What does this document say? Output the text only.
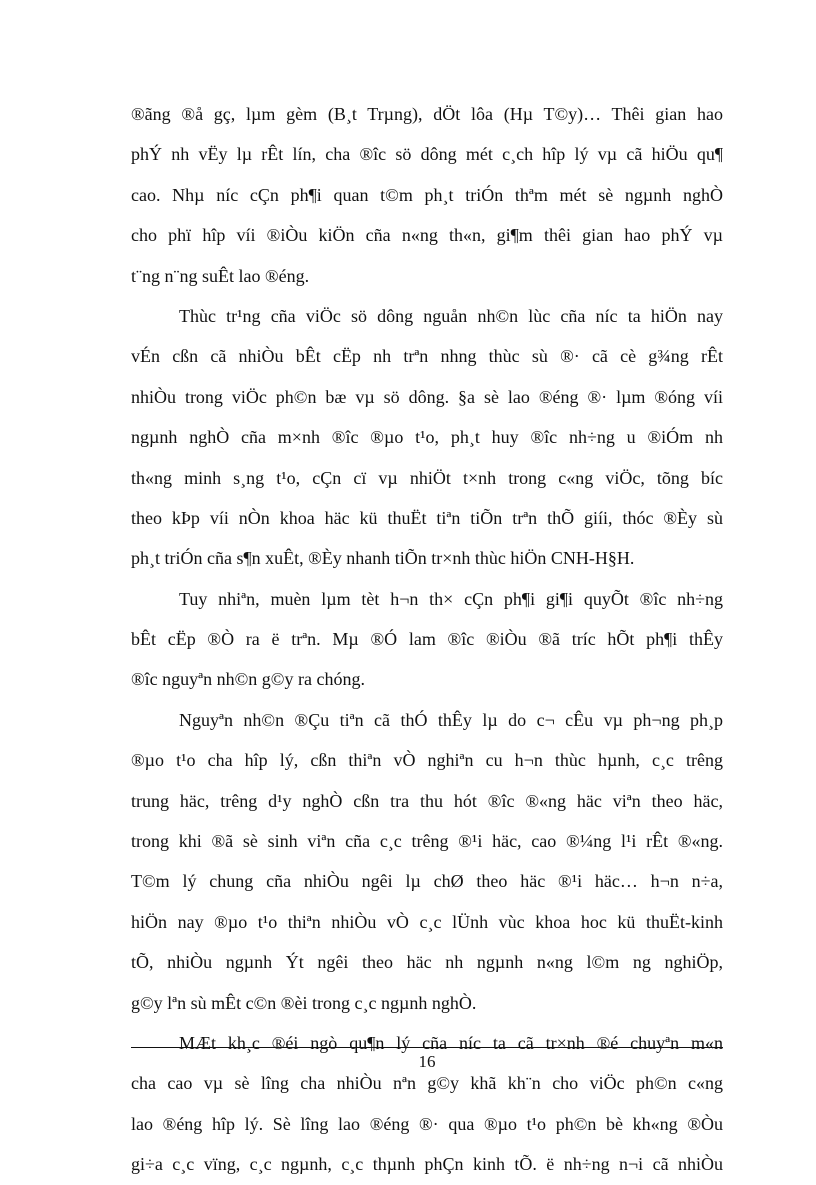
®ãng ®å gç, lµm gèm (B¸t Trµng), dÖt lôa (Hµ T©y)… Thêi gian hao
phÝ nh vËy lµ rÊt lín, cha ®îc sö dông mét c¸ch hîp lý vµ cã hiÖu qu¶
cao. Nhµ níc cÇn ph¶i quan t©m ph¸t triÓn thªm mét sè ngµnh nghÒ
cho phï hîp víi ®iÒu kiÖn cña n«ng th«n, gi¶m thêi gian hao phÝ vµ
t¨ng n¨ng suÊt lao ®éng.
Thùc tr¹ng cña viÖc sö dông nguån nh©n lùc cña níc ta hiÖn nay
vÉn cßn cã nhiÒu bÊt cËp nh trªn nhng thùc sù ®· cã cè g¾ng rÊt
nhiÒu trong viÖc ph©n bæ vµ sö dông. §a sè lao ®éng ®· lµm ®óng víi
ngµnh nghÒ cña m×nh ®îc ®µo t¹o, ph¸t huy ®îc nh÷ng u ®iÓm nh
th«ng minh s¸ng t¹o, cÇn cï vµ nhiÖt t×nh trong c«ng viÖc, tõng bíc
theo kÞp víi nÒn khoa häc kü thuËt tiªn tiÕn trªn thÕ giíi, thóc ®Èy sù
ph¸t triÓn cña s¶n xuÊt, ®Èy nhanh tiÕn tr×nh thùc hiÖn CNH-H§H.
Tuy nhiªn, muèn lµm tèt h¬n th× cÇn ph¶i gi¶i quyÕt ®îc nh÷ng
bÊt cËp ®Ò ra ë trªn. Mµ ®Ó lam ®îc ®iÒu ®ã tríc hÕt ph¶i thÊy
®îc nguyªn nh©n g©y ra chóng.
Nguyªn nh©n ®Çu tiªn cã thÓ thÊy lµ do c¬ cÊu vµ ph¬ng ph¸p
®µo t¹o cha hîp lý, cßn thiªn vÒ nghiªn cu h¬n thùc hµnh, c¸c trêng
trung häc, trêng d¹y nghÒ cßn tra thu hót ®îc ®«ng häc viªn theo häc,
trong khi ®ã sè sinh viªn cña c¸c trêng ®¹i häc, cao ®¼ng l¹i rÊt ®«ng.
T©m lý chung cña nhiÒu ngêi lµ chØ theo häc ®¹i häc… h¬n n÷a,
hiÖn nay ®µo t¹o thiªn nhiÒu vÒ c¸c lÜnh vùc khoa hoc kü thuËt-kinh
tÕ, nhiÒu ngµnh Ýt ngêi theo häc nh ngµnh n«ng l©m ng nghiÖp,
g©y lªn sù mÊt c©n ®èi trong c¸c ngµnh nghÒ.
MÆt kh¸c ®éi ngò qu¶n lý cña níc ta cã tr×nh ®é chuyªn m«n
cha cao vµ sè lîng cha nhiÒu nªn g©y khã kh¨n cho viÖc ph©n c«ng
lao ®éng hîp lý. Sè lîng lao ®éng ®· qua ®µo t¹o ph©n bè kh«ng ®Òu
gi÷a c¸c vïng, c¸c ngµnh, c¸c thµnh phÇn kinh tÕ. ë nh÷ng n¬i cã nhiÒu
16
